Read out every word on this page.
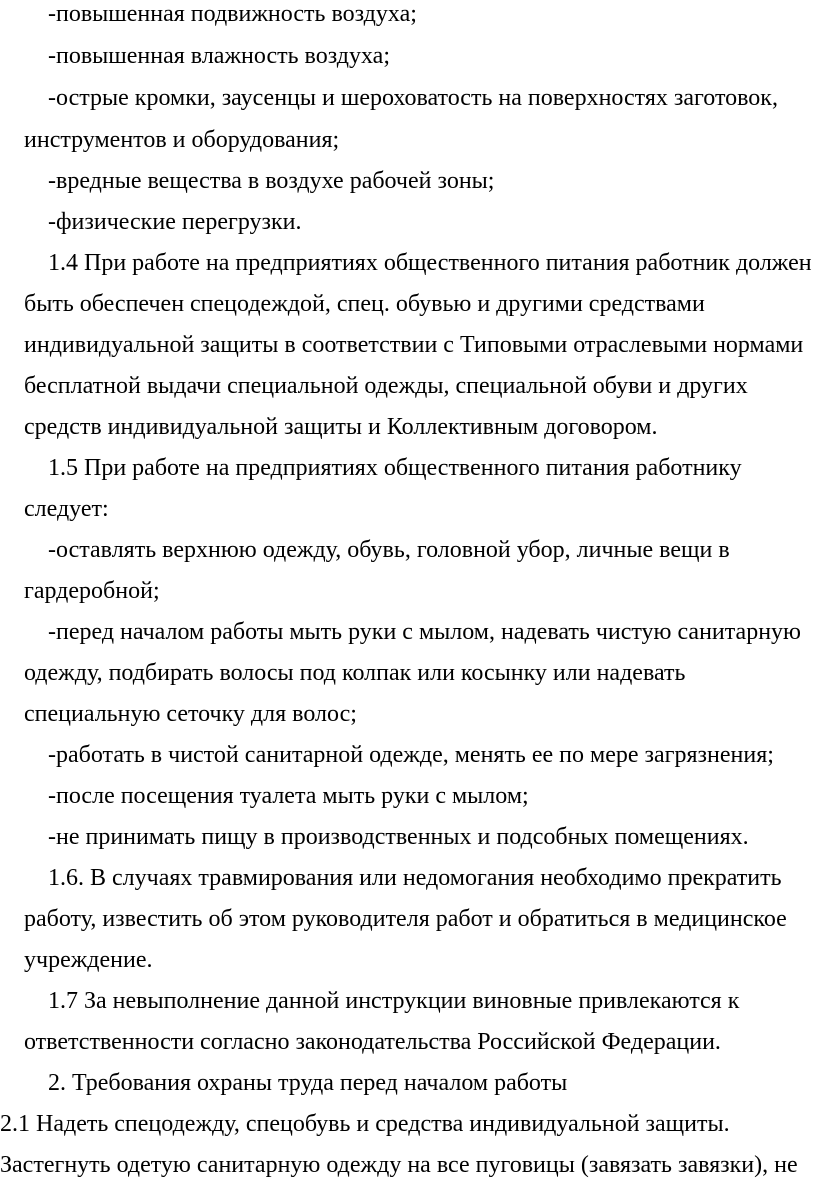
-повышенная подвижность воздуха;
-повышенная влажность воздуха;
-острые кромки, заусенцы и шероховатость на поверхностях заготовок,
инструментов и оборудования;
-вредные вещества в воздухе рабочей зоны;
-физические перегрузки.
1.4 При работе на предприятиях общественного питания работник должен
быть обеспечен спецодеждой, спец. обувью и другими средствами
индивидуальной защиты в соответствии с Типовыми отраслевыми нормами
бесплатной выдачи специальной одежды, специальной обуви и других
средств индивидуальной защиты и Коллективным договором.
1.5 При работе на предприятиях общественного питания работнику
следует:
-оставлять верхнюю одежду, обувь, головной убор, личные вещи в
гардеробной;
-перед началом работы мыть руки с мылом, надевать чистую санитарную
одежду, подбирать волосы под колпак или косынку или надевать
специальную сеточку для волос;
-работать в чистой санитарной одежде, менять ее по мере загрязнения;
-после посещения туалета мыть руки с мылом;
-не принимать пищу в производственных и подсобных помещениях.
1.6. В случаях травмирования или недомогания необходимо прекратить
работу, известить об этом руководителя работ и обратиться в медицинское
учреждение.
1.7 За невыполнение данной инструкции виновные привлекаются к
ответственности согласно законодательства Российской Федерации.
2. Требования охраны труда перед началом работы
2.1 Надеть спецодежду, спецобувь и средства индивидуальной защиты.
Застегнуть одетую санитарную одежду на все пуговицы (завязать завязки), не
